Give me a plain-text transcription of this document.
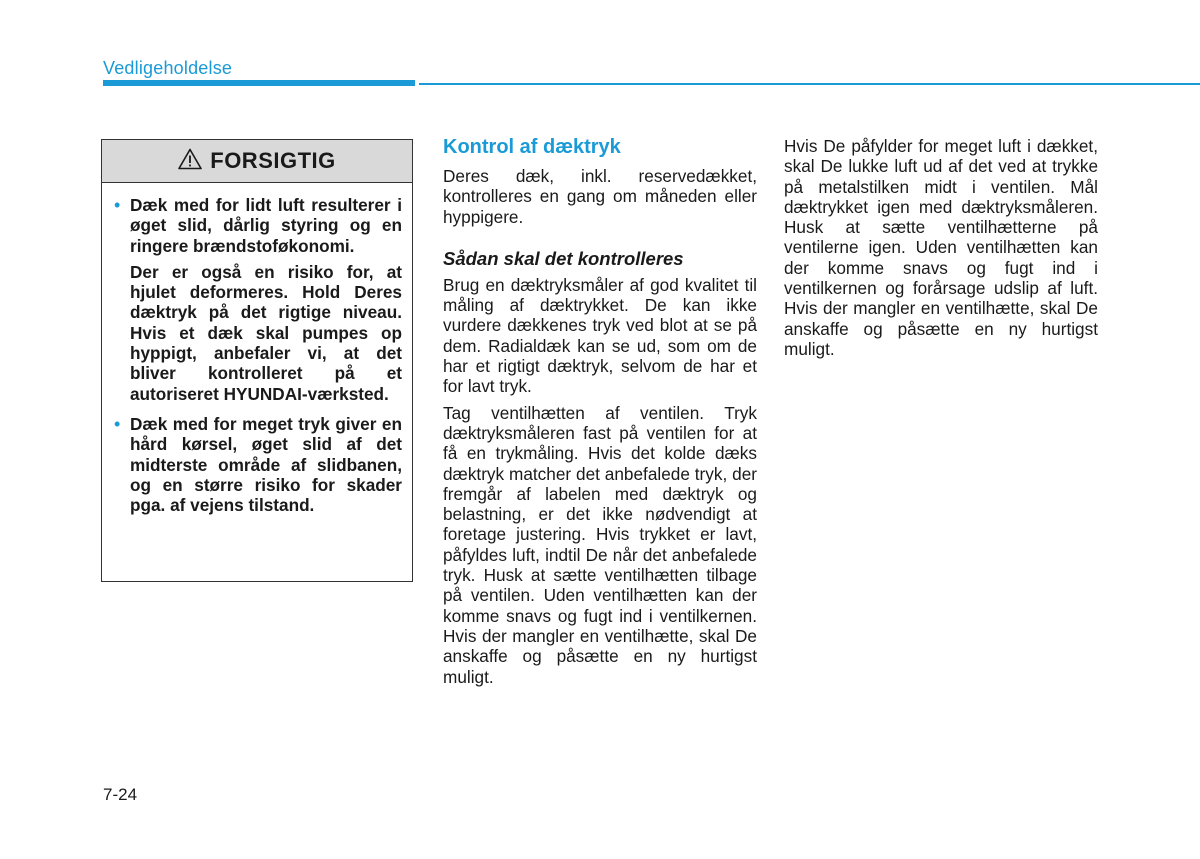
Vedligeholdelse
FORSIGTIG
• Dæk med for lidt luft resulterer i øget slid, dårlig styring og en ringere brændstoføkonomi.

Der er også en risiko for, at hjulet deformeres. Hold Deres dæktryk på det rigtige niveau. Hvis et dæk skal pumpes op hyppigt, anbefaler vi, at det bliver kontrolleret på et autoriseret HYUNDAI-værksted.

• Dæk med for meget tryk giver en hård kørsel, øget slid af det midterste område af slidbanen, og en større risiko for skader pga. af vejens tilstand.

Kontrol af dæktryk

Deres dæk, inkl. reservedækket, kontrolleres en gang om måneden eller hyppigere.

Sådan skal det kontrolleres

Brug en dæktryksmåler af god kvalitet til måling af dæktrykket. De kan ikke vurdere dækkenes tryk ved blot at se på dem. Radialdæk kan se ud, som om de har et rigtigt dæktryk, selvom de har et for lavt tryk.

Tag ventilhætten af ventilen. Tryk dæktryksmåleren fast på ventilen for at få en trykmåling. Hvis det kolde dæks dæktryk matcher det anbefalede tryk, der fremgår af labelen med dæktryk og belastning, er det ikke nødvendigt at foretage justering. Hvis trykket er lavt, påfyldes luft, indtil De når det anbefalede tryk. Husk at sætte ventilhætten tilbage på ventilen. Uden ventilhætten kan der komme snavs og fugt ind i ventilkernen. Hvis der mangler en ventilhætte, skal De anskaffe og påsætte en ny hurtigst muligt.

Hvis De påfylder for meget luft i dækket, skal De lukke luft ud af det ved at trykke på metalstilken midt i ventilen. Mål dæktrykket igen med dæktryksmåleren. Husk at sætte ventilhætterne på ventilerne igen. Uden ventilhætten kan der komme snavs og fugt ind i ventilkernen og forårsage udslip af luft. Hvis der mangler en ventilhætte, skal De anskaffe og påsætte en ny hurtigst muligt.

7-24
